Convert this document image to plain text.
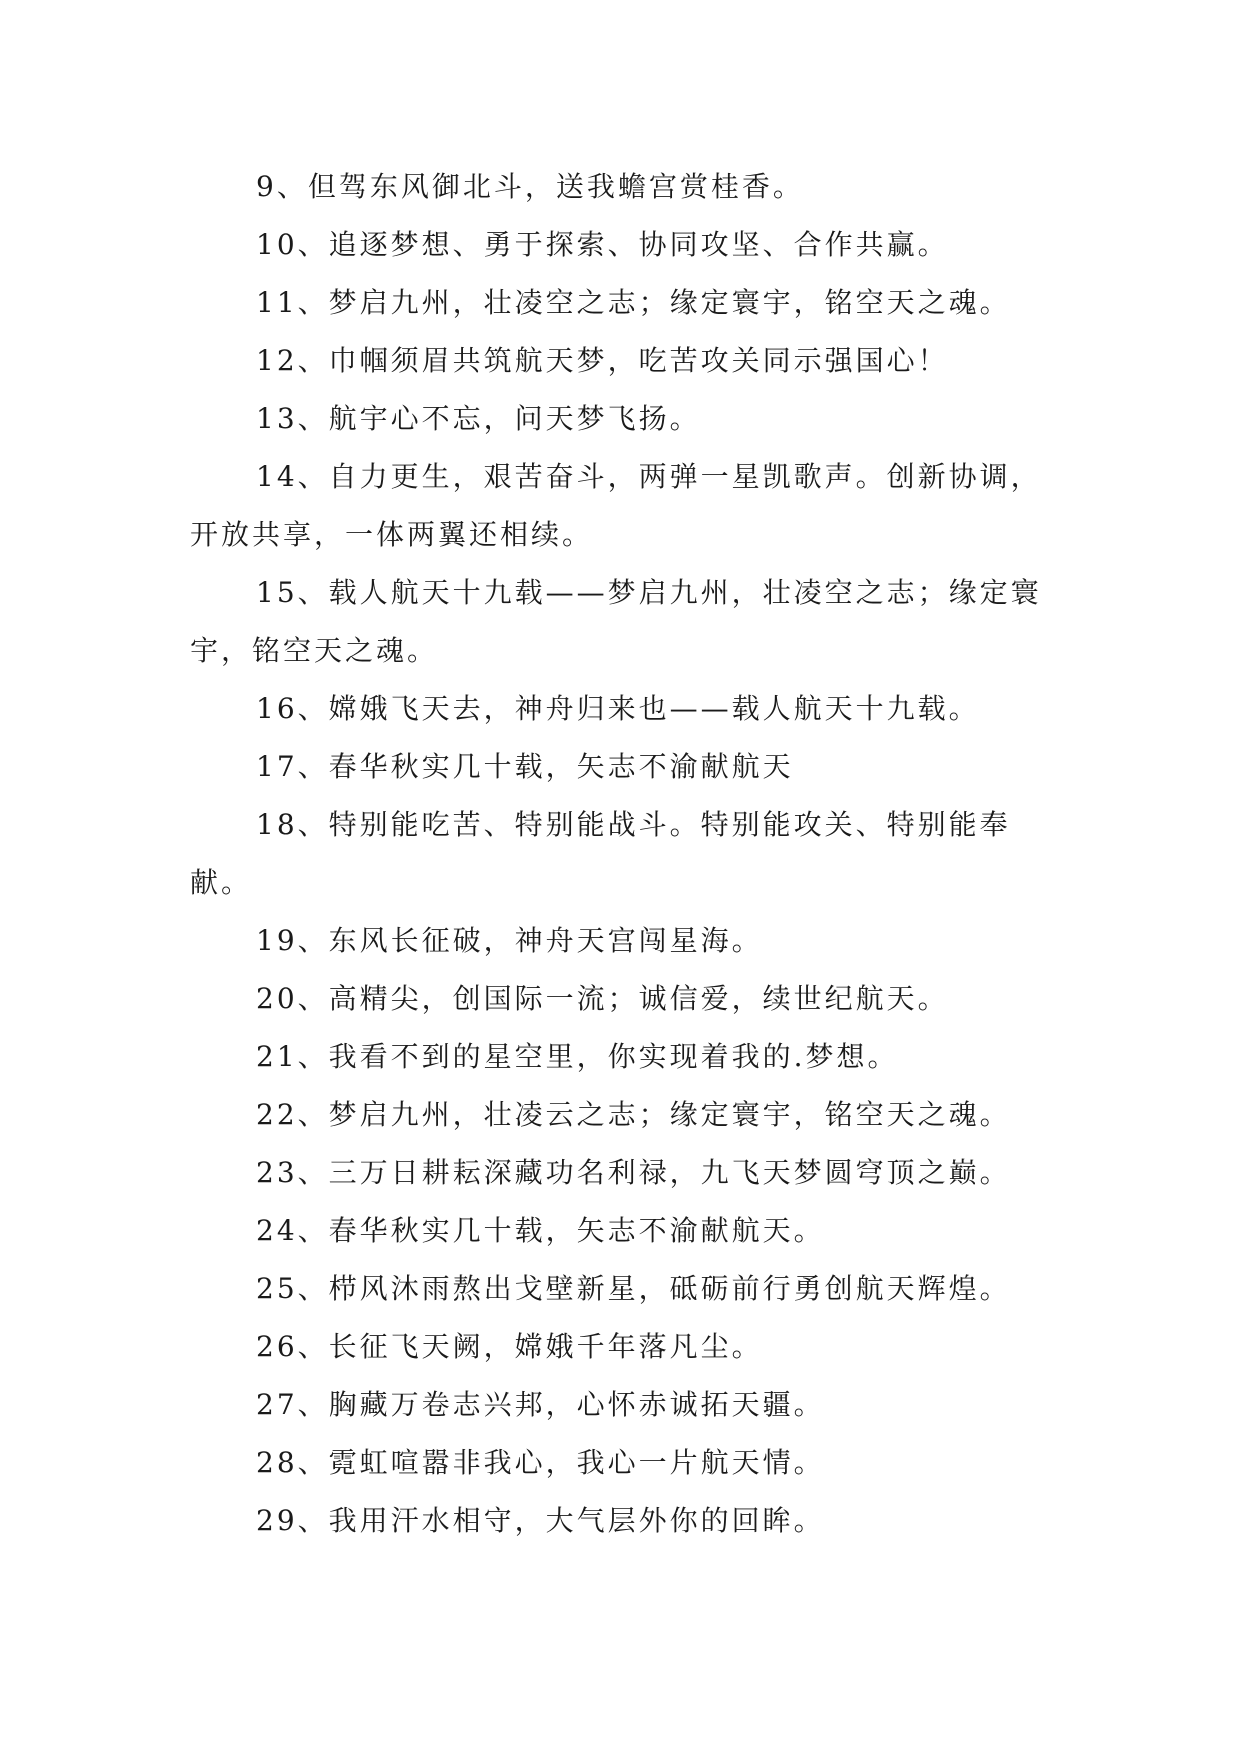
9、但驾东风御北斗，送我蟾宫赏桂香。

10、追逐梦想、勇于探索、协同攻坚、合作共赢。

11、梦启九州，壮凌空之志；缘定寰宇，铭空天之魂。

12、巾帼须眉共筑航天梦，吃苦攻关同示强国心！

13、航宇心不忘，问天梦飞扬。

14、自力更生，艰苦奋斗，两弹一星凯歌声。创新协调，开放共享，一体两翼还相续。

15、载人航天十九载——梦启九州，壮凌空之志；缘定寰宇，铭空天之魂。

16、嫦娥飞天去，神舟归来也——载人航天十九载。

17、春华秋实几十载，矢志不渝献航天

18、特别能吃苦、特别能战斗。特别能攻关、特别能奉献。

19、东风长征破，神舟天宫闯星海。

20、高精尖，创国际一流；诚信爱，续世纪航天。

21、我看不到的星空里，你实现着我的.梦想。

22、梦启九州，壮凌云之志；缘定寰宇，铭空天之魂。

23、三万日耕耘深藏功名利禄，九飞天梦圆穹顶之巅。

24、春华秋实几十载，矢志不渝献航天。

25、栉风沐雨熬出戈壁新星，砥砺前行勇创航天辉煌。

26、长征飞天阙，嫦娥千年落凡尘。

27、胸藏万卷志兴邦，心怀赤诚拓天疆。

28、霓虹喧嚣非我心，我心一片航天情。

29、我用汗水相守，大气层外你的回眸。
